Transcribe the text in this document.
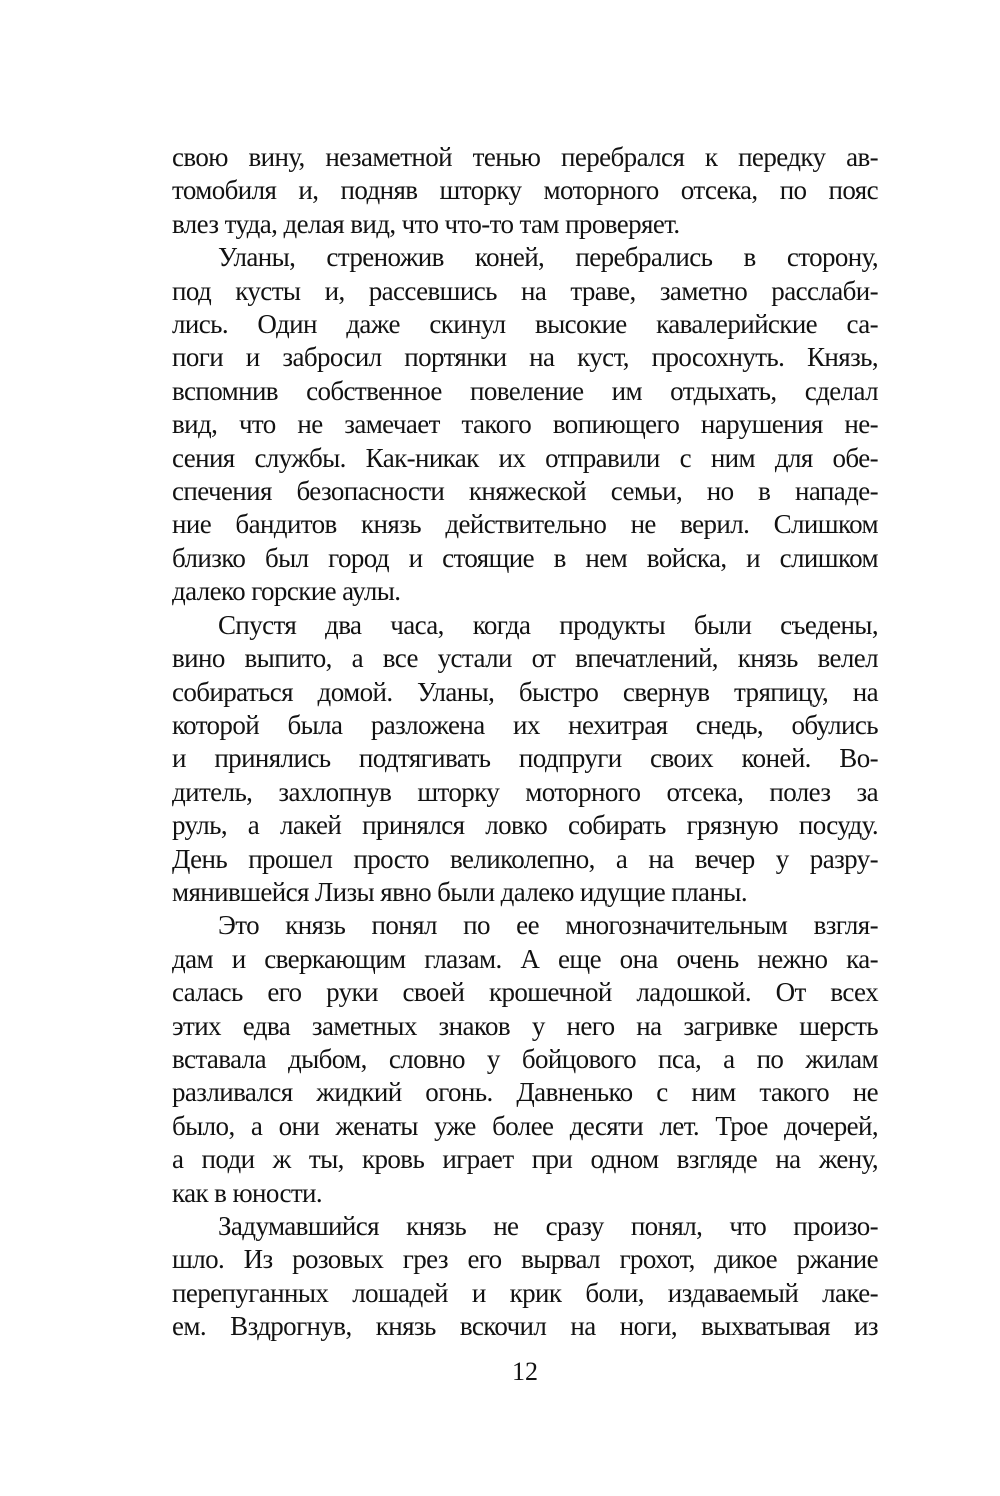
свою вину, незаметной тенью перебрался к передку ав-
томобиля и, подняв шторку моторного отсека, по пояс
влез туда, делая вид, что что-то там проверяет.
Уланы, стреножив коней, перебрались в сторону,
под кусты и, рассевшись на траве, заметно расслаби-
лись. Один даже скинул высокие кавалерийские са-
поги и забросил портянки на куст, просохнуть. Князь,
вспомнив собственное повеление им отдыхать, сделал
вид, что не замечает такого вопиющего нарушения не-
сения службы. Как-никак их отправили с ним для обе-
спечения безопасности княжеской семьи, но в нападе-
ние бандитов князь действительно не верил. Слишком
близко был город и стоящие в нем войска, и слишком
далеко горские аулы.
Спустя два часа, когда продукты были съедены,
вино выпито, а все устали от впечатлений, князь велел
собираться домой. Уланы, быстро свернув тряпицу, на
которой была разложена их нехитрая снедь, обулись
и принялись подтягивать подпруги своих коней. Во-
дитель, захлопнув шторку моторного отсека, полез за
руль, а лакей принялся ловко собирать грязную посуду.
День прошел просто великолепно, а на вечер у разру-
мянившейся Лизы явно были далеко идущие планы.
Это князь понял по ее многозначительным взгля-
дам и сверкающим глазам. А еще она очень нежно ка-
салась его руки своей крошечной ладошкой. От всех
этих едва заметных знаков у него на загривке шерсть
вставала дыбом, словно у бойцового пса, а по жилам
разливался жидкий огонь. Давненько с ним такого не
было, а они женаты уже более десяти лет. Трое дочерей,
а поди ж ты, кровь играет при одном взгляде на жену,
как в юности.
Задумавшийся князь не сразу понял, что произо-
шло. Из розовых грез его вырвал грохот, дикое ржание
перепуганных лошадей и крик боли, издаваемый лаке-
ем. Вздрогнув, князь вскочил на ноги, выхватывая из
12
